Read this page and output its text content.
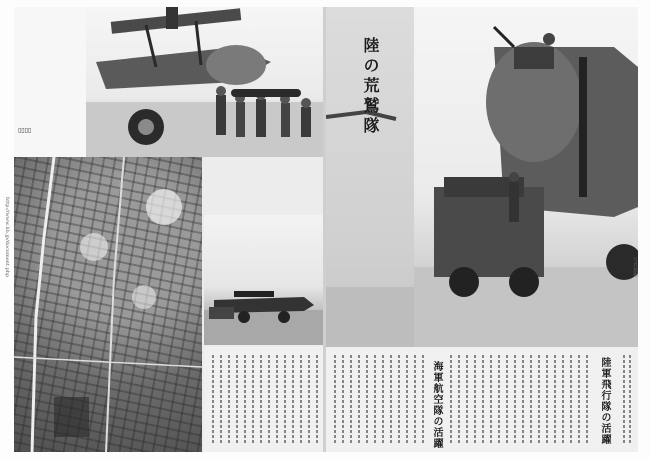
▯▯▯▯
http://www.lib.jp/document.php
陸の荒鷲隊
写真週報
海軍航空隊の活躍	陸軍飛行隊の活躍
